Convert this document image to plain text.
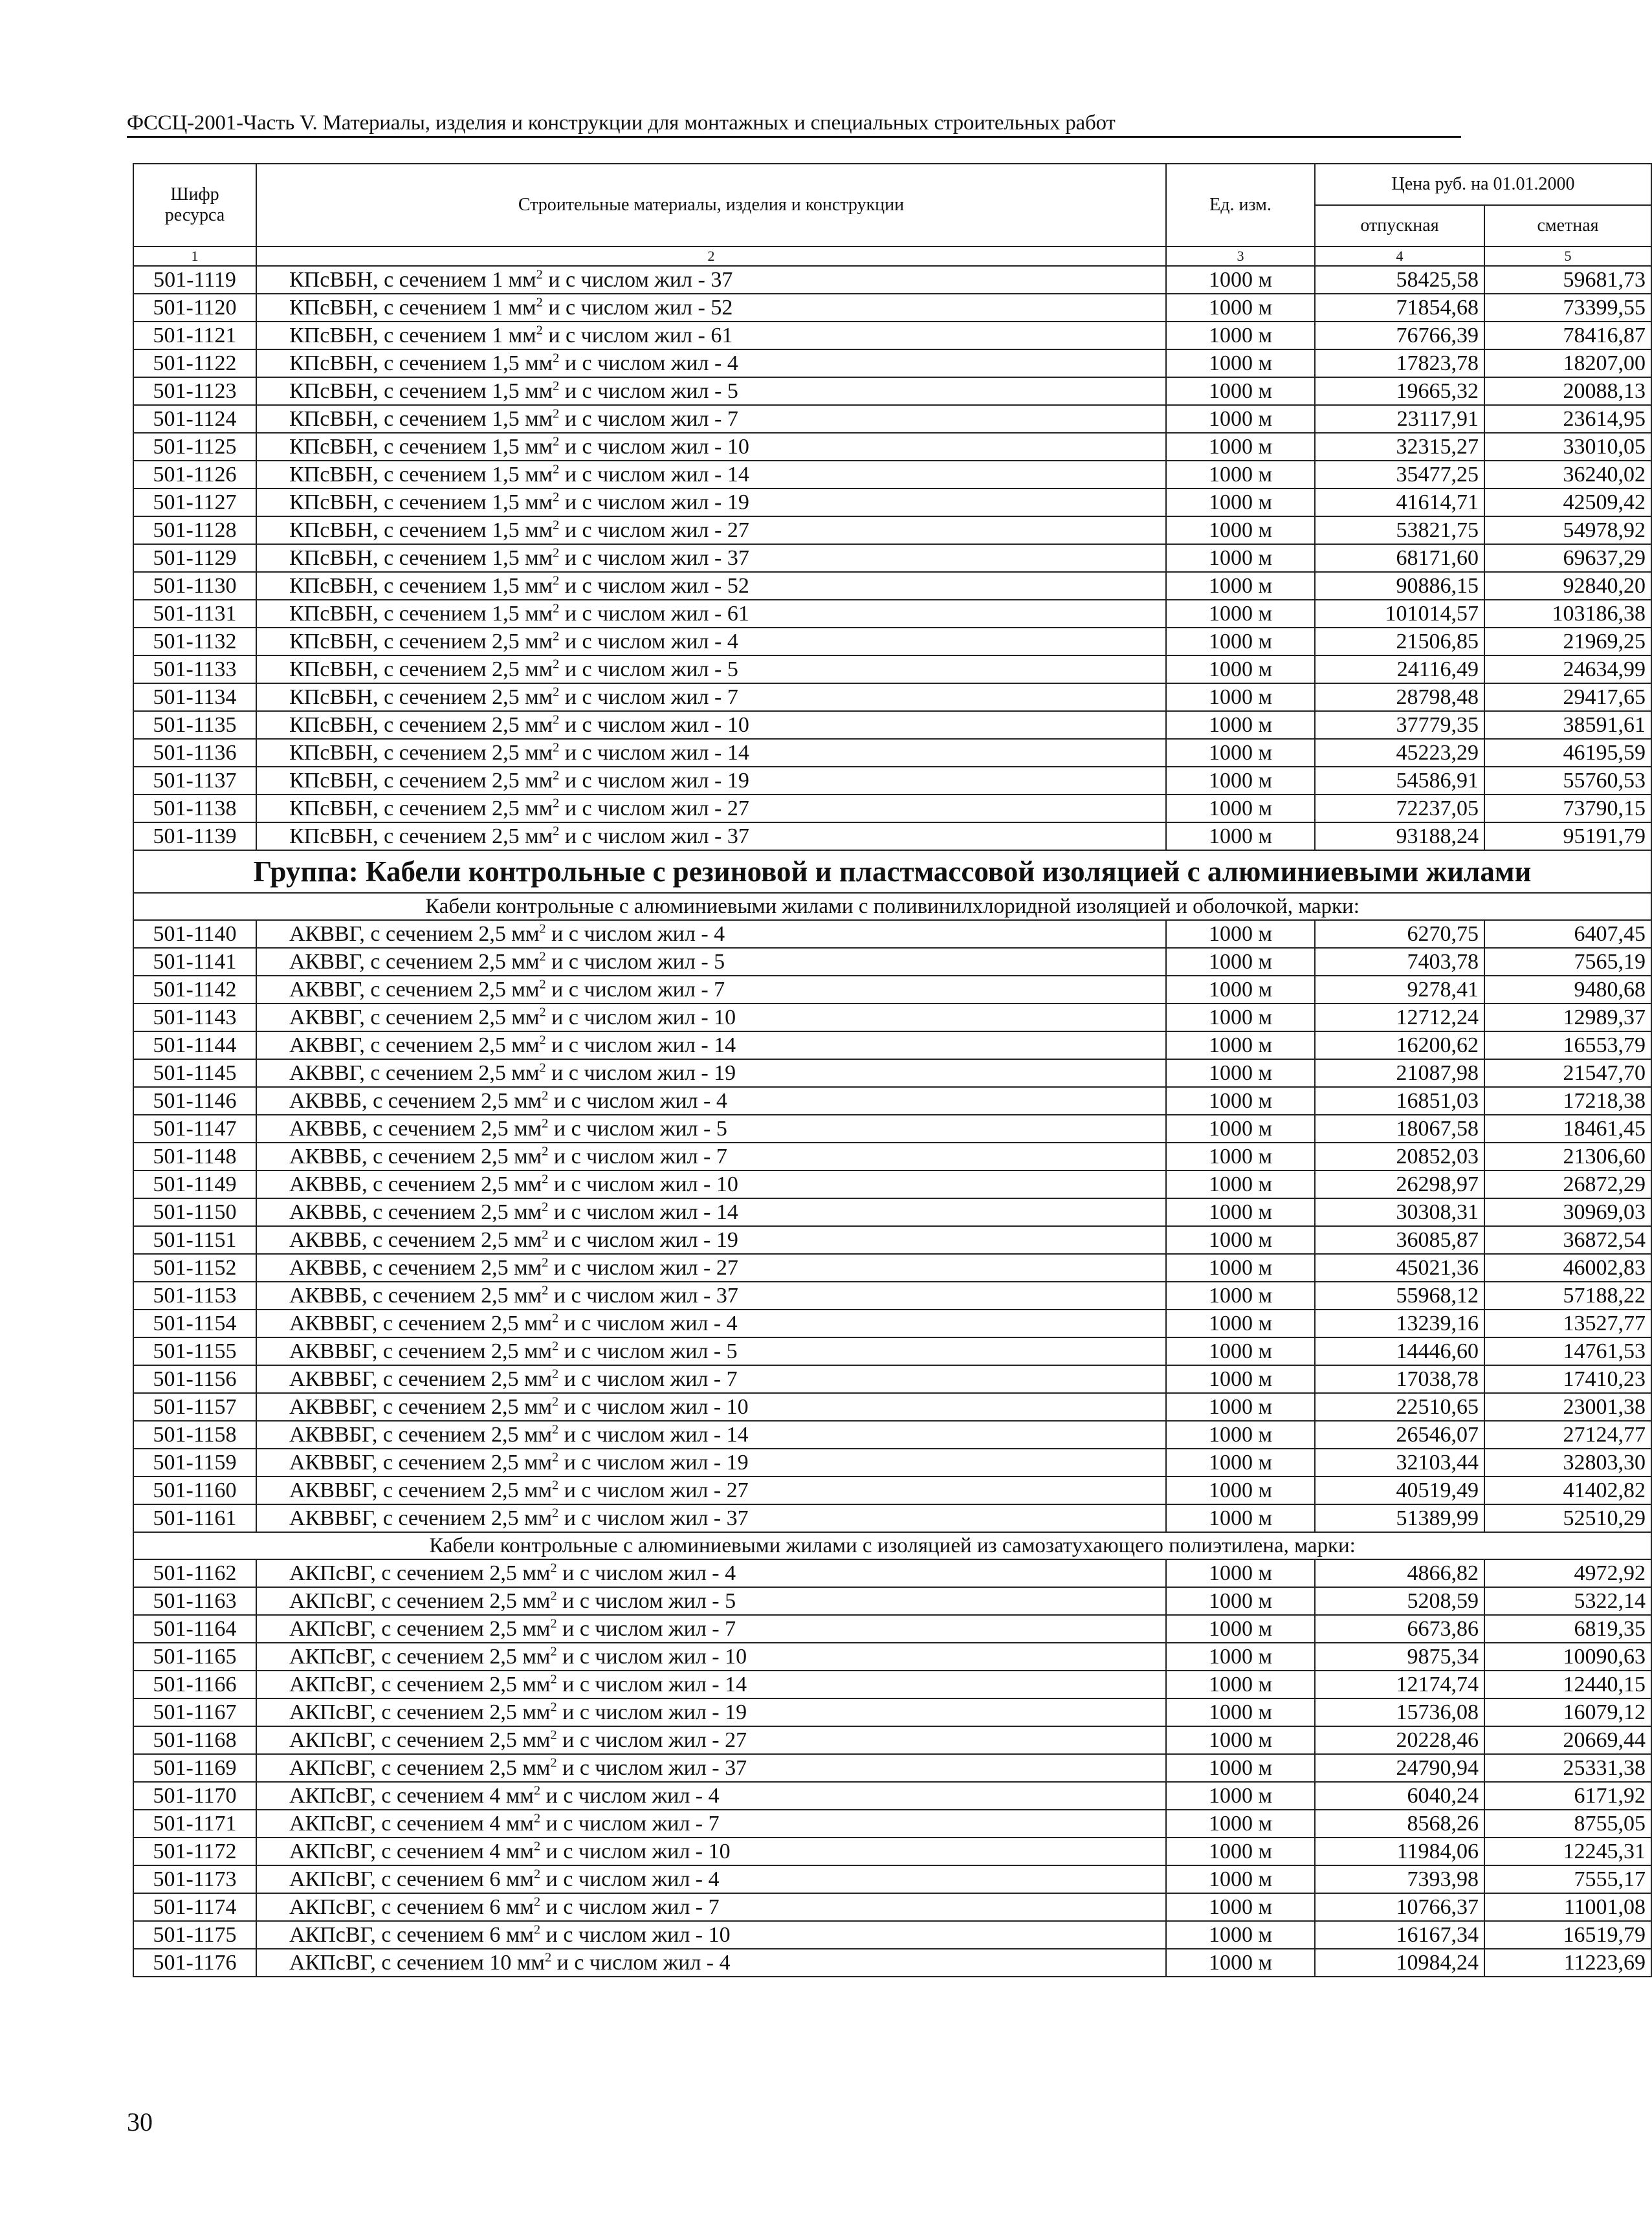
ФССЦ-2001-Часть V. Материалы, изделия и конструкции для монтажных и специальных строительных работ
Шифр ресурса	Строительные материалы, изделия и конструкции	Ед. изм.	Цена руб. на 01.01.2000	
			отпускная	сметная
1	2	3	4	5
501-1119	КПсВБН, с сечением 1 $мм^2$ и с числом жил - 37	1000 м	58425,58	59681,73
501-1120	КПсВБН, с сечением 1 $мм^2$ и с числом жил - 52	1000 м	71854,68	73399,55
501-1121	КПсВБН, с сечением 1 $мм^2$ и с числом жил - 61	1000 м	76766,39	78416,87
501-1122	КПсВБН, с сечением 1,5 $мм^2$ и с числом жил - 4	1000 м	17823,78	18207,00
501-1123	КПсВБН, с сечением 1,5 $мм^2$ и с числом жил - 5	1000 м	19665,32	20088,13
501-1124	КПсВБН, с сечением 1,5 $мм^2$ и с числом жил - 7	1000 м	23117,91	23614,95
501-1125	КПсВБН, с сечением 1,5 $мм^2$ и с числом жил - 10	1000 м	32315,27	33010,05
501-1126	КПсВБН, с сечением 1,5 $мм^2$ и с числом жил - 14	1000 м	35477,25	36240,02
501-1127	КПсВБН, с сечением 1,5 $мм^2$ и с числом жил - 19	1000 м	41614,71	42509,42
501-1128	КПсВБН, с сечением 1,5 $мм^2$ и с числом жил - 27	1000 м	53821,75	54978,92
501-1129	КПсВБН, с сечением 1,5 $мм^2$ и с числом жил - 37	1000 м	68171,60	69637,29
501-1130	КПсВБН, с сечением 1,5 $мм^2$ и с числом жил - 52	1000 м	90886,15	92840,20
501-1131	КПсВБН, с сечением 1,5 $мм^2$ и с числом жил - 61	1000 м	101014,57	103186,38
501-1132	КПсВБН, с сечением 2,5 $мм^2$ и с числом жил - 4	1000 м	21506,85	21969,25
501-1133	КПсВБН, с сечением 2,5 $мм^2$ и с числом жил - 5	1000 м	24116,49	24634,99
501-1134	КПсВБН, с сечением 2,5 $мм^2$ и с числом жил - 7	1000 м	28798,48	29417,65
501-1135	КПсВБН, с сечением 2,5 $мм^2$ и с числом жил - 10	1000 м	37779,35	38591,61
501-1136	КПсВБН, с сечением 2,5 $мм^2$ и с числом жил - 14	1000 м	45223,29	46195,59
501-1137	КПсВБН, с сечением 2,5 $мм^2$ и с числом жил - 19	1000 м	54586,91	55760,53
501-1138	КПсВБН, с сечением 2,5 $мм^2$ и с числом жил - 27	1000 м	72237,05	73790,15
501-1139	КПсВБН, с сечением 2,5 $мм^2$ и с числом жил - 37	1000 м	93188,24	95191,79
Группа: Кабели контрольные с резиновой и пластмассовой изоляцией с алюминиевыми жилами				
Кабели контрольные с алюминиевыми жилами с поливинилхлоридной изоляцией и оболочкой, марки:				
501-1140	АКВВГ, с сечением 2,5 $мм^2$ и с числом жил - 4	1000 м	6270,75	6407,45
501-1141	АКВВГ, с сечением 2,5 $мм^2$ и с числом жил - 5	1000 м	7403,78	7565,19
501-1142	АКВВГ, с сечением 2,5 $мм^2$ и с числом жил - 7	1000 м	9278,41	9480,68
501-1143	АКВВГ, с сечением 2,5 $мм^2$ и с числом жил - 10	1000 м	12712,24	12989,37
501-1144	АКВВГ, с сечением 2,5 $мм^2$ и с числом жил - 14	1000 м	16200,62	16553,79
501-1145	АКВВГ, с сечением 2,5 $мм^2$ и с числом жил - 19	1000 м	21087,98	21547,70
501-1146	АКВВБ, с сечением 2,5 $мм^2$ и с числом жил - 4	1000 м	16851,03	17218,38
501-1147	АКВВБ, с сечением 2,5 $мм^2$ и с числом жил - 5	1000 м	18067,58	18461,45
501-1148	АКВВБ, с сечением 2,5 $мм^2$ и с числом жил - 7	1000 м	20852,03	21306,60
501-1149	АКВВБ, с сечением 2,5 $мм^2$ и с числом жил - 10	1000 м	26298,97	26872,29
501-1150	АКВВБ, с сечением 2,5 $мм^2$ и с числом жил - 14	1000 м	30308,31	30969,03
501-1151	АКВВБ, с сечением 2,5 $мм^2$ и с числом жил - 19	1000 м	36085,87	36872,54
501-1152	АКВВБ, с сечением 2,5 $мм^2$ и с числом жил - 27	1000 м	45021,36	46002,83
501-1153	АКВВБ, с сечением 2,5 $мм^2$ и с числом жил - 37	1000 м	55968,12	57188,22
501-1154	АКВВБГ, с сечением 2,5 $мм^2$ и с числом жил - 4	1000 м	13239,16	13527,77
501-1155	АКВВБГ, с сечением 2,5 $мм^2$ и с числом жил - 5	1000 м	14446,60	14761,53
501-1156	АКВВБГ, с сечением 2,5 $мм^2$ и с числом жил - 7	1000 м	17038,78	17410,23
501-1157	АКВВБГ, с сечением 2,5 $мм^2$ и с числом жил - 10	1000 м	22510,65	23001,38
501-1158	АКВВБГ, с сечением 2,5 $мм^2$ и с числом жил - 14	1000 м	26546,07	27124,77
501-1159	АКВВБГ, с сечением 2,5 $мм^2$ и с числом жил - 19	1000 м	32103,44	32803,30
501-1160	АКВВБГ, с сечением 2,5 $мм^2$ и с числом жил - 27	1000 м	40519,49	41402,82
501-1161	АКВВБГ, с сечением 2,5 $мм^2$ и с числом жил - 37	1000 м	51389,99	52510,29
Кабели контрольные с алюминиевыми жилами с изоляцией из самозатухающего полиэтилена, марки:				
501-1162	АКПсВГ, с сечением 2,5 $мм^2$ и с числом жил - 4	1000 м	4866,82	4972,92
501-1163	АКПсВГ, с сечением 2,5 $мм^2$ и с числом жил - 5	1000 м	5208,59	5322,14
501-1164	АКПсВГ, с сечением 2,5 $мм^2$ и с числом жил - 7	1000 м	6673,86	6819,35
501-1165	АКПсВГ, с сечением 2,5 $мм^2$ и с числом жил - 10	1000 м	9875,34	10090,63
501-1166	АКПсВГ, с сечением 2,5 $мм^2$ и с числом жил - 14	1000 м	12174,74	12440,15
501-1167	АКПсВГ, с сечением 2,5 $мм^2$ и с числом жил - 19	1000 м	15736,08	16079,12
501-1168	АКПсВГ, с сечением 2,5 $мм^2$ и с числом жил - 27	1000 м	20228,46	20669,44
501-1169	АКПсВГ, с сечением 2,5 $мм^2$ и с числом жил - 37	1000 м	24790,94	25331,38
501-1170	АКПсВГ, с сечением 4 $мм^2$ и с числом жил - 4	1000 м	6040,24	6171,92
501-1171	АКПсВГ, с сечением 4 $мм^2$ и с числом жил - 7	1000 м	8568,26	8755,05
501-1172	АКПсВГ, с сечением 4 $мм^2$ и с числом жил - 10	1000 м	11984,06	12245,31
501-1173	АКПсВГ, с сечением 6 $мм^2$ и с числом жил - 4	1000 м	7393,98	7555,17
501-1174	АКПсВГ, с сечением 6 $мм^2$ и с числом жил - 7	1000 м	10766,37	11001,08
501-1175	АКПсВГ, с сечением 6 $мм^2$ и с числом жил - 10	1000 м	16167,34	16519,79
501-1176	АКПсВГ, с сечением 10 $мм^2$ и с числом жил - 4	1000 м	10984,24	11223,69
30
